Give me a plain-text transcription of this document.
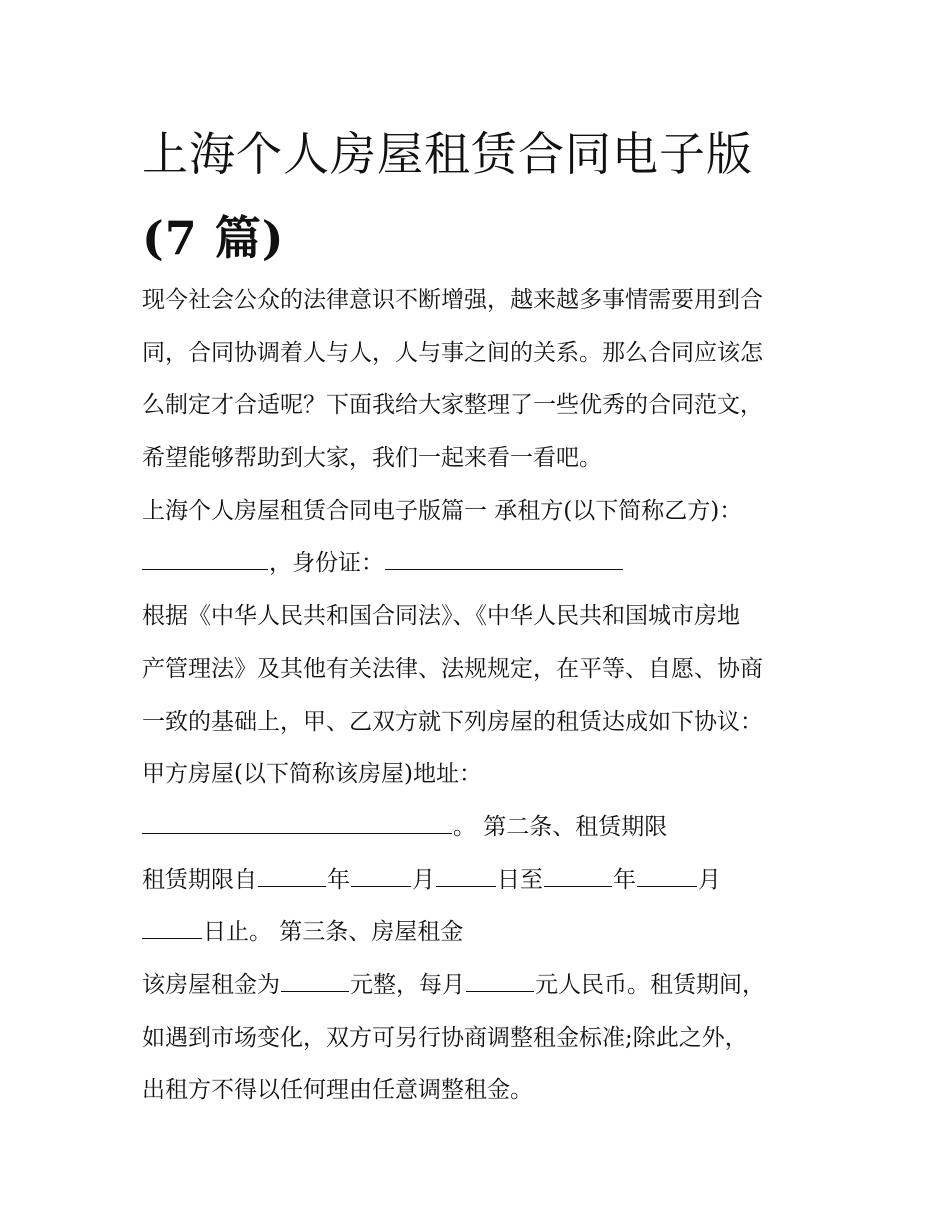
上海个人房屋租赁合同电子版
(7 篇)
现今社会公众的法律意识不断增强，越来越多事情需要用到合
同，合同协调着人与人，人与事之间的关系。那么合同应该怎
么制定才合适呢？下面我给大家整理了一些优秀的合同范文，
希望能够帮助到大家，我们一起来看一看吧。
上海个人房屋租赁合同电子版篇一 承租方(以下简称乙方)：
，身份证：
根据《中华人民共和国合同法》、《中华人民共和国城市房地
产管理法》及其他有关法律、法规规定，在平等、自愿、协商
一致的基础上，甲、乙双方就下列房屋的租赁达成如下协议：
甲方房屋(以下简称该房屋)地址：
。 第二条、租赁期限
租赁期限自	年	月	日至	年	月
日止。 第三条、房屋租金
该房屋租金为	元整，每月	元人民币。租赁期间，
如遇到市场变化，双方可另行协商调整租金标准;除此之外，
出租方不得以任何理由任意调整租金。
